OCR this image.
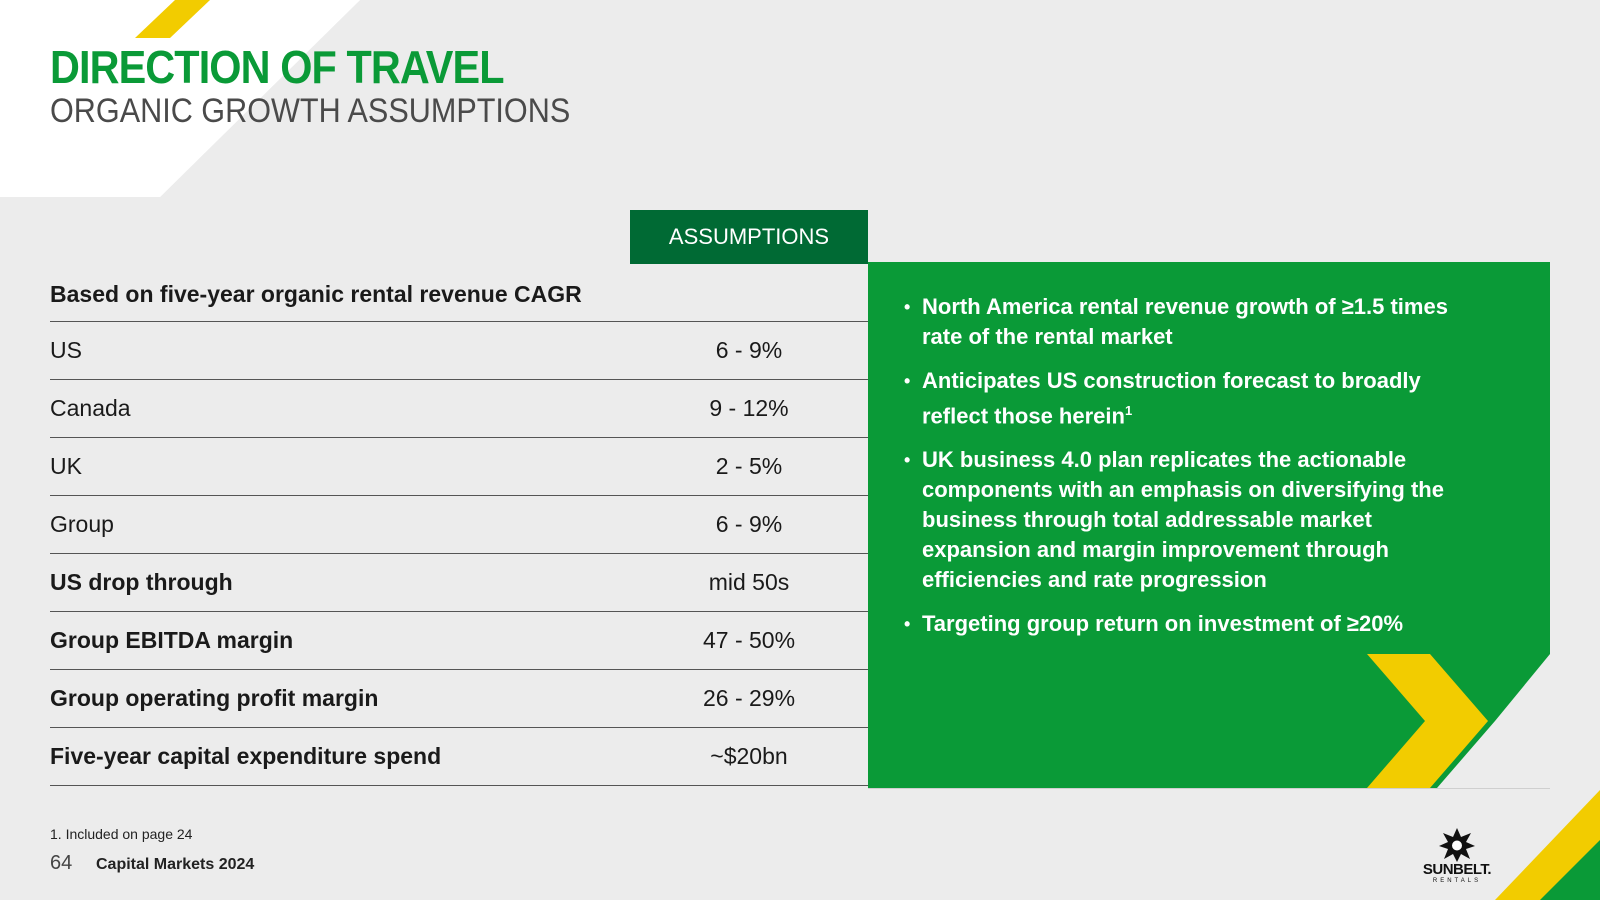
DIRECTION OF TRAVEL
ORGANIC GROWTH ASSUMPTIONS
ASSUMPTIONS
Based on five-year organic rental revenue CAGR
US	6 - 9%
Canada	9 - 12%
UK	2 - 5%
Group	6 - 9%
US drop through	mid 50s
Group EBITDA margin	47 - 50%
Group operating profit margin	26 - 29%
Five-year capital expenditure spend	~$20bn
• North America rental revenue growth of ≥1.5 times rate of the rental market
• Anticipates US construction forecast to broadly reflect those herein$^1$
• UK business 4.0 plan replicates the actionable components with an emphasis on diversifying the business through total addressable market expansion and margin improvement through efficiencies and rate progression
• Targeting group return on investment of ≥20%
1. Included on page 24
64 Capital Markets 2024	SUNBELT.
RENTALS
